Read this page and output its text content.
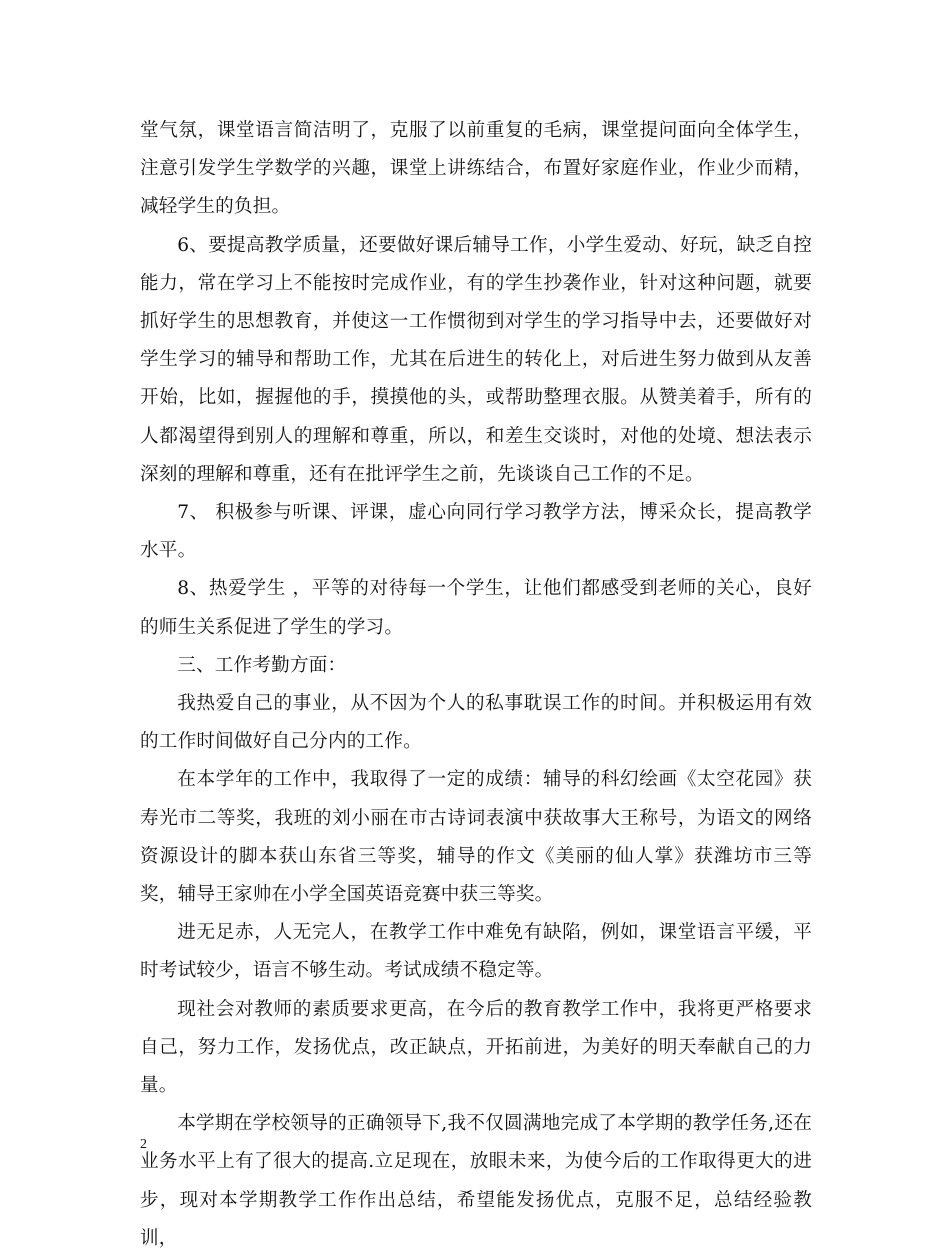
堂气氛，课堂语言简洁明了，克服了以前重复的毛病，课堂提问面向全体学生，注意引发学生学数学的兴趣，课堂上讲练结合，布置好家庭作业，作业少而精，减轻学生的负担。

6、要提高教学质量，还要做好课后辅导工作，小学生爱动、好玩，缺乏自控能力，常在学习上不能按时完成作业，有的学生抄袭作业，针对这种问题，就要抓好学生的思想教育，并使这一工作惯彻到对学生的学习指导中去，还要做好对学生学习的辅导和帮助工作，尤其在后进生的转化上，对后进生努力做到从友善开始，比如，握握他的手，摸摸他的头，或帮助整理衣服。从赞美着手，所有的人都渴望得到别人的理解和尊重，所以，和差生交谈时，对他的处境、想法表示深刻的理解和尊重，还有在批评学生之前，先谈谈自己工作的不足。

7、 积极参与听课、评课，虚心向同行学习教学方法，博采众长，提高教学水平。

8、热爱学生 ，平等的对待每一个学生，让他们都感受到老师的关心，良好的师生关系促进了学生的学习。

三、工作考勤方面：

我热爱自己的事业，从不因为个人的私事耽误工作的时间。并积极运用有效的工作时间做好自己分内的工作。

在本学年的工作中，我取得了一定的成绩：辅导的科幻绘画《太空花园》获寿光市二等奖，我班的刘小丽在市古诗词表演中获故事大王称号，为语文的网络资源设计的脚本获山东省三等奖，辅导的作文《美丽的仙人掌》获潍坊市三等奖，辅导王家帅在小学全国英语竞赛中获三等奖。

进无足赤，人无完人，在教学工作中难免有缺陷，例如，课堂语言平缓，平时考试较少，语言不够生动。考试成绩不稳定等。

现社会对教师的素质要求更高，在今后的教育教学工作中，我将更严格要求自己，努力工作，发扬优点，改正缺点，开拓前进，为美好的明天奉献自己的力量。

本学期在学校领导的正确领导下,我不仅圆满地完成了本学期的教学任务,还在业务水平上有了很大的提高.立足现在，放眼未来，为使今后的工作取得更大的进步，现对本学期教学工作作出总结，希望能发扬优点，克服不足，总结经验教训，

2
